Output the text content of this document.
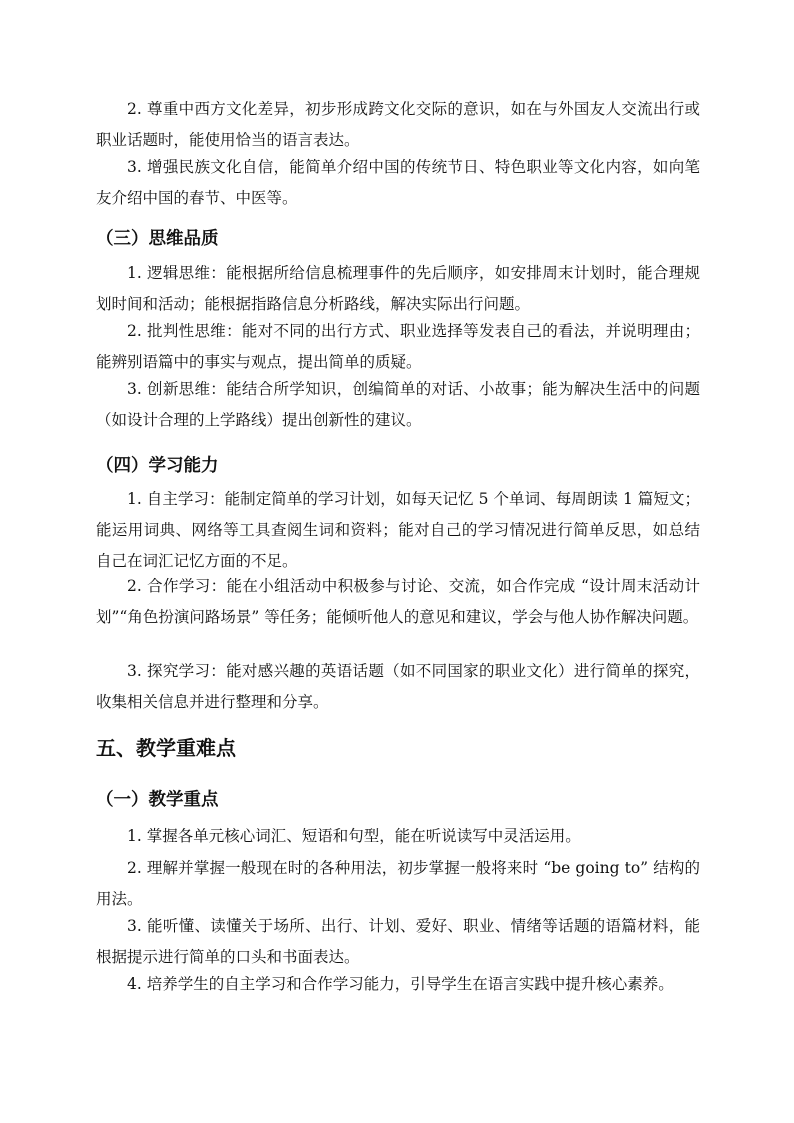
2. 尊重中西方文化差异，初步形成跨文化交际的意识，如在与外国友人交流出行或职业话题时，能使用恰当的语言表达。

3. 增强民族文化自信，能简单介绍中国的传统节日、特色职业等文化内容，如向笔友介绍中国的春节、中医等。

（三）思维品质

1. 逻辑思维：能根据所给信息梳理事件的先后顺序，如安排周末计划时，能合理规划时间和活动；能根据指路信息分析路线，解决实际出行问题。

2. 批判性思维：能对不同的出行方式、职业选择等发表自己的看法，并说明理由；能辨别语篇中的事实与观点，提出简单的质疑。

3. 创新思维：能结合所学知识，创编简单的对话、小故事；能为解决生活中的问题（如设计合理的上学路线）提出创新性的建议。

（四）学习能力

1. 自主学习：能制定简单的学习计划，如每天记忆 5 个单词、每周朗读 1 篇短文；能运用词典、网络等工具查阅生词和资料；能对自己的学习情况进行简单反思，如总结自己在词汇记忆方面的不足。

2. 合作学习：能在小组活动中积极参与讨论、交流，如合作完成 “设计周末活动计划”“角色扮演问路场景” 等任务；能倾听他人的意见和建议，学会与他人协作解决问题。

3. 探究学习：能对感兴趣的英语话题（如不同国家的职业文化）进行简单的探究，收集相关信息并进行整理和分享。

五、教学重难点
（一）教学重点

1. 掌握各单元核心词汇、短语和句型，能在听说读写中灵活运用。

2. 理解并掌握一般现在时的各种用法，初步掌握一般将来时 “be going to” 结构的用法。

3. 能听懂、读懂关于场所、出行、计划、爱好、职业、情绪等话题的语篇材料，能根据提示进行简单的口头和书面表达。

4. 培养学生的自主学习和合作学习能力，引导学生在语言实践中提升核心素养。
